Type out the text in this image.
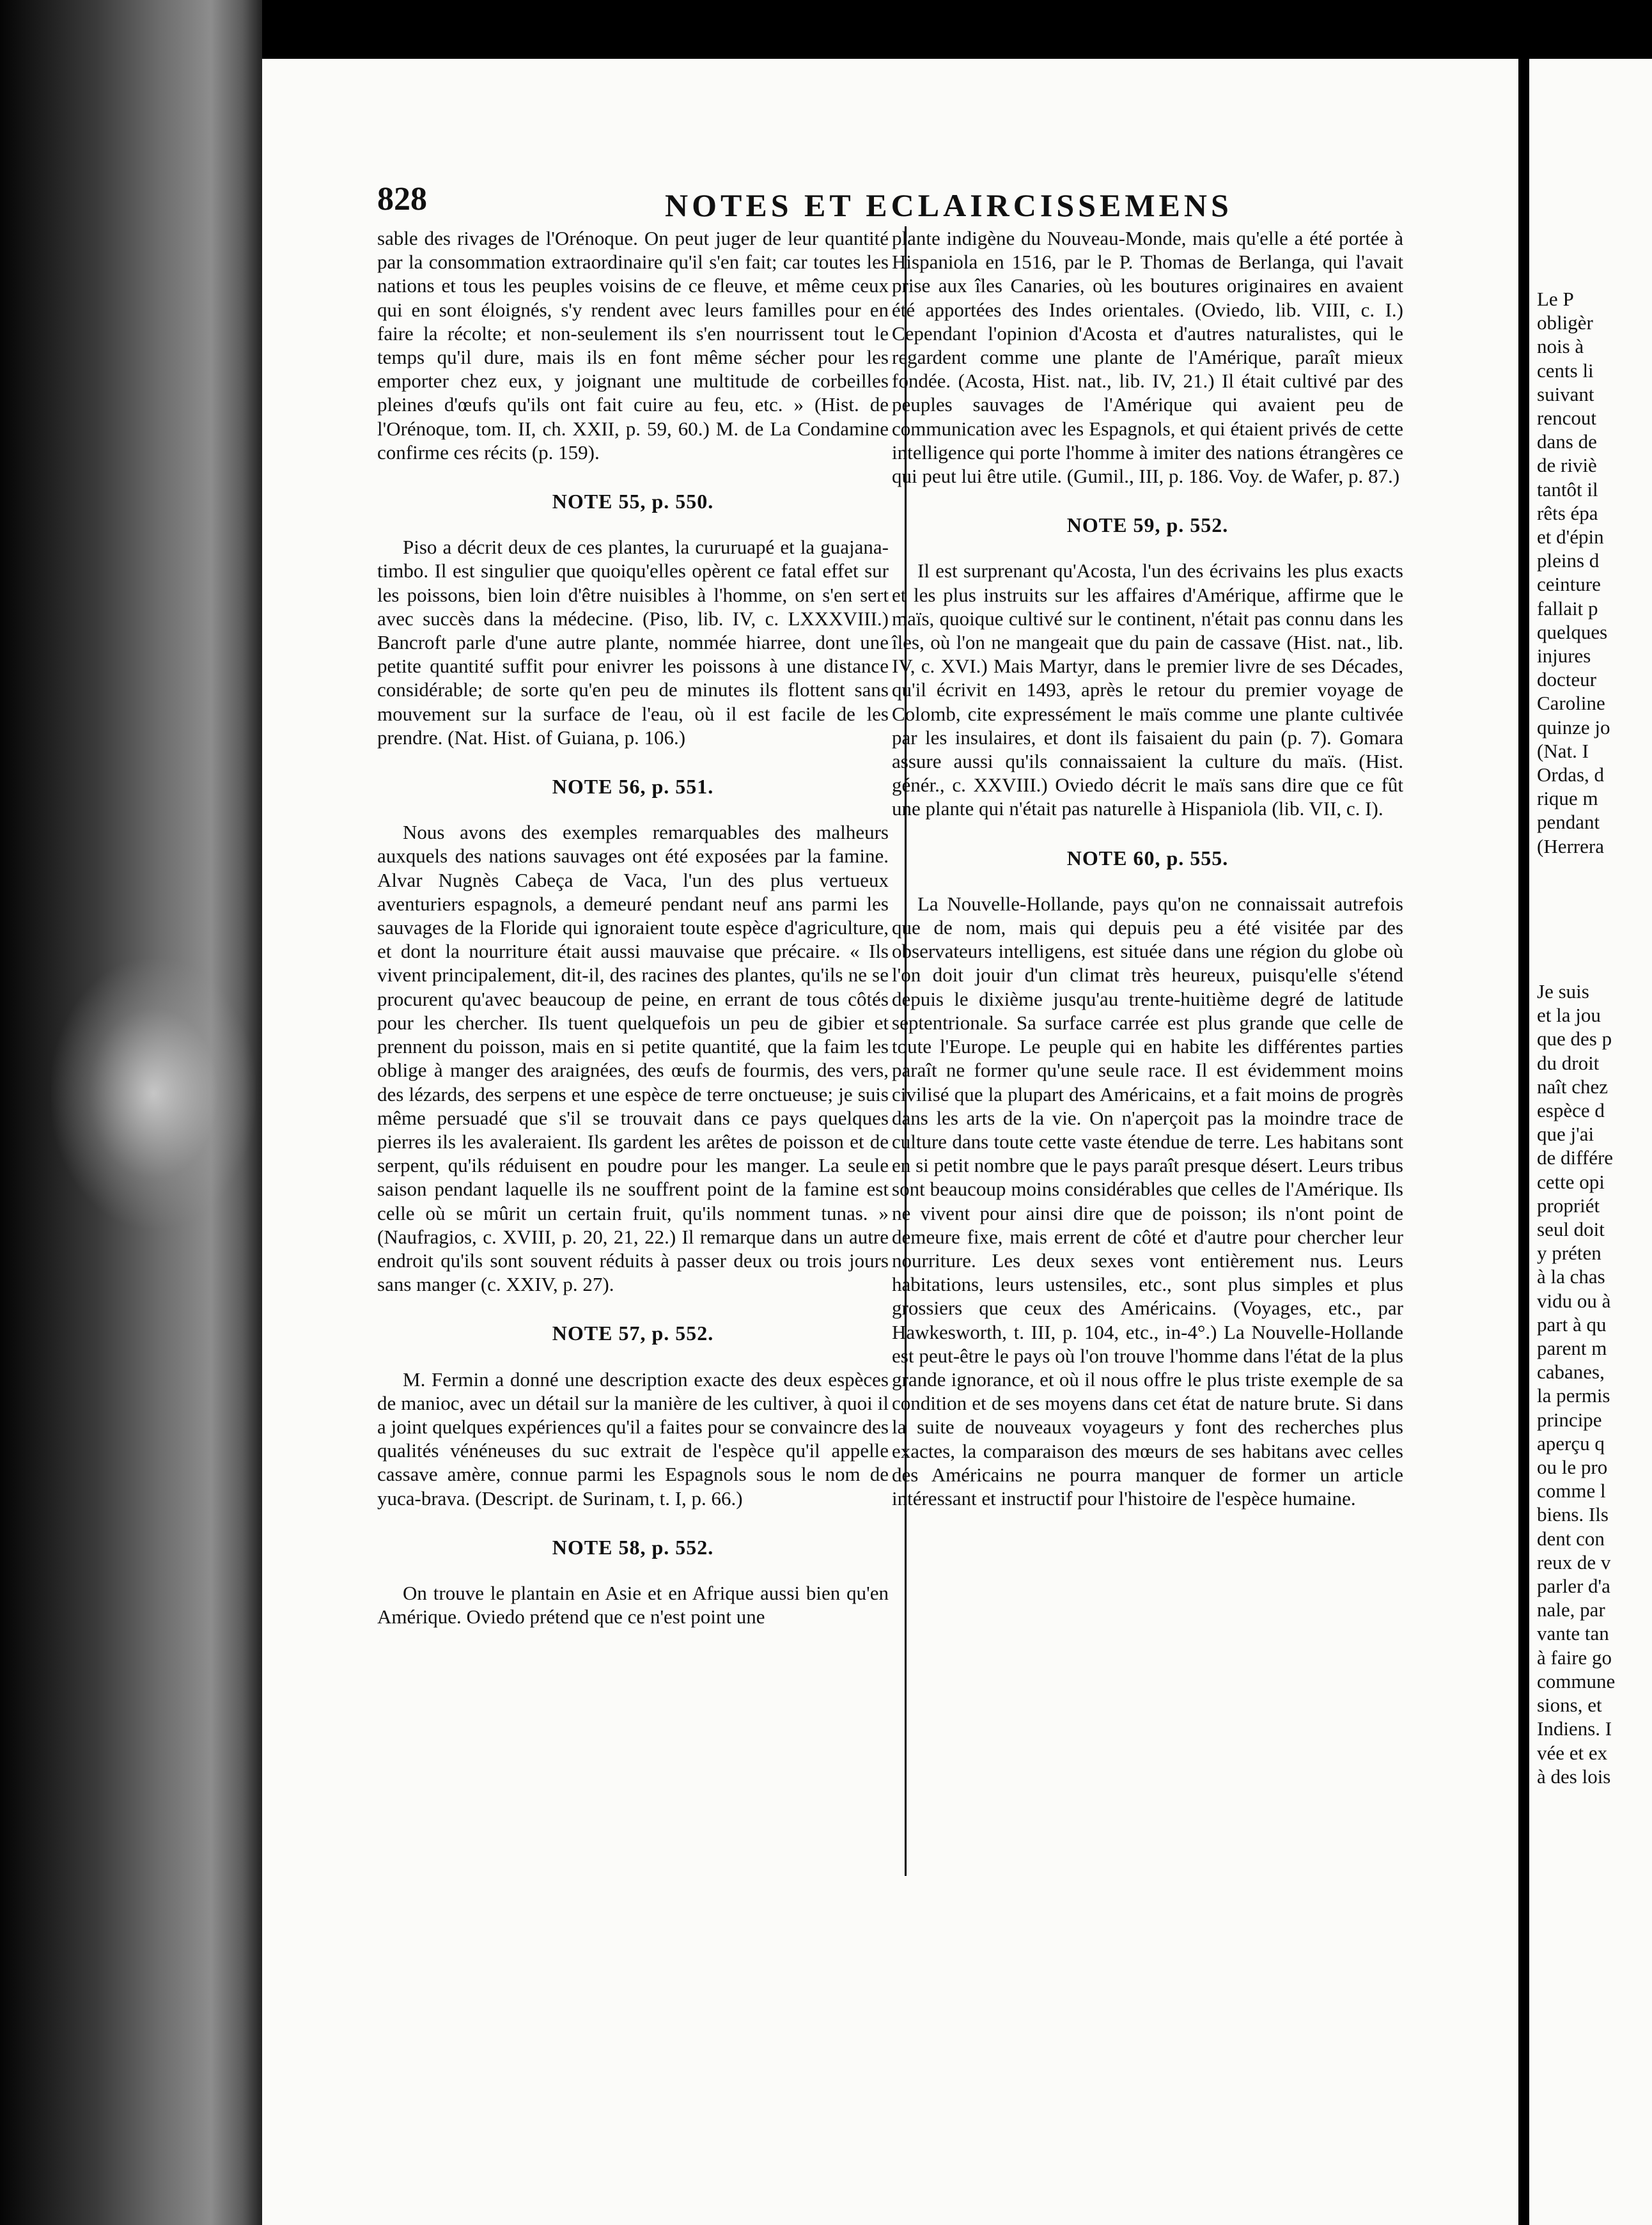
828	NOTES ET ECLAIRCISSEMENS

sable des rivages de l'Orénoque. On peut juger de leur quantité par la consommation extraordinaire qu'il s'en fait; car toutes les nations et tous les peuples voisins de ce fleuve, et même ceux qui en sont éloignés, s'y rendent avec leurs familles pour en faire la récolte; et non-seulement ils s'en nourrissent tout le temps qu'il dure, mais ils en font même sécher pour les emporter chez eux, y joignant une multitude de corbeilles pleines d'œufs qu'ils ont fait cuire au feu, etc. » (Hist. de l'Orénoque, tom. II, ch. XXII, p. 59, 60.) M. de La Condamine confirme ces récits (p. 159).

NOTE 55, p. 550.

Piso a décrit deux de ces plantes, la cururuapé et la guajana-timbo. Il est singulier que quoiqu'elles opèrent ce fatal effet sur les poissons, bien loin d'être nuisibles à l'homme, on s'en sert avec succès dans la médecine. (Piso, lib. IV, c. LXXXVIII.) Bancroft parle d'une autre plante, nommée hiarree, dont une petite quantité suffit pour enivrer les poissons à une distance considérable; de sorte qu'en peu de minutes ils flottent sans mouvement sur la surface de l'eau, où il est facile de les prendre. (Nat. Hist. of Guiana, p. 106.)

NOTE 56, p. 551.

Nous avons des exemples remarquables des malheurs auxquels des nations sauvages ont été exposées par la famine. Alvar Nugnès Cabeça de Vaca, l'un des plus vertueux aventuriers espagnols, a demeuré pendant neuf ans parmi les sauvages de la Floride qui ignoraient toute espèce d'agriculture, et dont la nourriture était aussi mauvaise que précaire. « Ils vivent principalement, dit-il, des racines des plantes, qu'ils ne se procurent qu'avec beaucoup de peine, en errant de tous côtés pour les chercher. Ils tuent quelquefois un peu de gibier et prennent du poisson, mais en si petite quantité, que la faim les oblige à manger des araignées, des œufs de fourmis, des vers, des lézards, des serpens et une espèce de terre onctueuse; je suis même persuadé que s'il se trouvait dans ce pays quelques pierres ils les avaleraient. Ils gardent les arêtes de poisson et de serpent, qu'ils réduisent en poudre pour les manger. La seule saison pendant laquelle ils ne souffrent point de la famine est celle où se mûrit un certain fruit, qu'ils nomment tunas. » (Naufragios, c. XVIII, p. 20, 21, 22.) Il remarque dans un autre endroit qu'ils sont souvent réduits à passer deux ou trois jours sans manger (c. XXIV, p. 27).

NOTE 57, p. 552.

M. Fermin a donné une description exacte des deux espèces de manioc, avec un détail sur la manière de les cultiver, à quoi il a joint quelques expériences qu'il a faites pour se convaincre des qualités vénéneuses du suc extrait de l'espèce qu'il appelle cassave amère, connue parmi les Espagnols sous le nom de yuca-brava. (Descript. de Surinam, t. I, p. 66.)

NOTE 58, p. 552.

On trouve le plantain en Asie et en Afrique aussi bien qu'en Amérique. Oviedo prétend que ce n'est point une

plante indigène du Nouveau-Monde, mais qu'elle a été portée à Hispaniola en 1516, par le P. Thomas de Berlanga, qui l'avait prise aux îles Canaries, où les boutures originaires en avaient été apportées des Indes orientales. (Oviedo, lib. VIII, c. I.) Cependant l'opinion d'Acosta et d'autres naturalistes, qui le regardent comme une plante de l'Amérique, paraît mieux fondée. (Acosta, Hist. nat., lib. IV, 21.) Il était cultivé par des peuples sauvages de l'Amérique qui avaient peu de communication avec les Espagnols, et qui étaient privés de cette intelligence qui porte l'homme à imiter des nations étrangères ce qui peut lui être utile. (Gumil., III, p. 186. Voy. de Wafer, p. 87.)

NOTE 59, p. 552.

Il est surprenant qu'Acosta, l'un des écrivains les plus exacts et les plus instruits sur les affaires d'Amérique, affirme que le maïs, quoique cultivé sur le continent, n'était pas connu dans les îles, où l'on ne mangeait que du pain de cassave (Hist. nat., lib. IV, c. XVI.) Mais Martyr, dans le premier livre de ses Décades, qu'il écrivit en 1493, après le retour du premier voyage de Colomb, cite expressément le maïs comme une plante cultivée par les insulaires, et dont ils faisaient du pain (p. 7). Gomara assure aussi qu'ils connaissaient la culture du maïs. (Hist. génér., c. XXVIII.) Oviedo décrit le maïs sans dire que ce fût une plante qui n'était pas naturelle à Hispaniola (lib. VII, c. I).

NOTE 60, p. 555.

La Nouvelle-Hollande, pays qu'on ne connaissait autrefois que de nom, mais qui depuis peu a été visitée par des observateurs intelligens, est située dans une région du globe où l'on doit jouir d'un climat très heureux, puisqu'elle s'étend depuis le dixième jusqu'au trente-huitième degré de latitude septentrionale. Sa surface carrée est plus grande que celle de toute l'Europe. Le peuple qui en habite les différentes parties paraît ne former qu'une seule race. Il est évidemment moins civilisé que la plupart des Américains, et a fait moins de progrès dans les arts de la vie. On n'aperçoit pas la moindre trace de culture dans toute cette vaste étendue de terre. Les habitans sont en si petit nombre que le pays paraît presque désert. Leurs tribus sont beaucoup moins considérables que celles de l'Amérique. Ils ne vivent pour ainsi dire que de poisson; ils n'ont point de demeure fixe, mais errent de côté et d'autre pour chercher leur nourriture. Les deux sexes vont entièrement nus. Leurs habitations, leurs ustensiles, etc., sont plus simples et plus grossiers que ceux des Américains. (Voyages, etc., par Hawkesworth, t. III, p. 104, etc., in-4°.) La Nouvelle-Hollande est peut-être le pays où l'on trouve l'homme dans l'état de la plus grande ignorance, et où il nous offre le plus triste exemple de sa condition et de ses moyens dans cet état de nature brute. Si dans la suite de nouveaux voyageurs y font des recherches plus exactes, la comparaison des mœurs de ses habitans avec celles des Américains ne pourra manquer de former un article intéressant et instructif pour l'histoire de l'espèce humaine.

Le P
obligèr
nois à
cents li
suivant
rencout
dans de
de riviè
tantôt il
rêts épa
et d'épin
pleins d
ceinture
fallait p
quelques
injures
docteur
Caroline
quinze jo
(Nat. I
Ordas, d
rique m
pendant
(Herrera
Je suis
et la jou
que des p
du droit
naît chez
espèce d
que j'ai
de différe
cette opi
propriét
seul doit
y préten
à la chas
vidu ou à
part à qu
parent m
cabanes,
la permis
principe
aperçu q
ou le pro
comme l
biens. Ils
dent con
reux de v
parler d'a
nale, par
vante tan
à faire go
commune
sions, et
Indiens. I
vée et ex
à des lois
